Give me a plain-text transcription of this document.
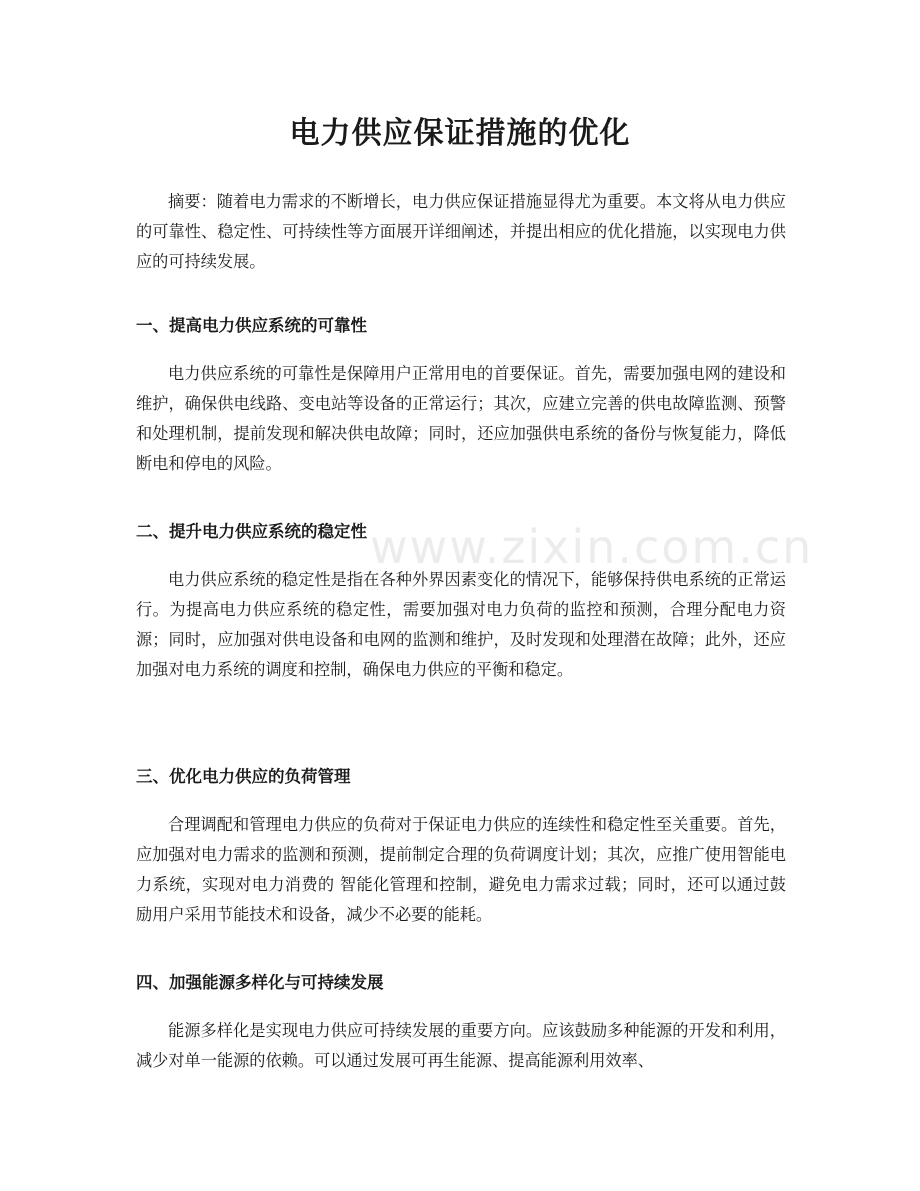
www.zixin.com.cn
电力供应保证措施的优化

摘要：随着电力需求的不断增长，电力供应保证措施显得尤为重要。本文将从电力供应的可靠性、稳定性、可持续性等方面展开详细阐述，并提出相应的优化措施，以实现电力供应的可持续发展。

一、提高电力供应系统的可靠性

电力供应系统的可靠性是保障用户正常用电的首要保证。首先，需要加强电网的建设和维护，确保供电线路、变电站等设备的正常运行；其次，应建立完善的供电故障监测、预警和处理机制，提前发现和解决供电故障；同时，还应加强供电系统的备份与恢复能力，降低断电和停电的风险。

二、提升电力供应系统的稳定性

电力供应系统的稳定性是指在各种外界因素变化的情况下，能够保持供电系统的正常运行。为提高电力供应系统的稳定性，需要加强对电力负荷的监控和预测，合理分配电力资源；同时，应加强对供电设备和电网的监测和维护，及时发现和处理潜在故障；此外，还应加强对电力系统的调度和控制，确保电力供应的平衡和稳定。

三、优化电力供应的负荷管理

合理调配和管理电力供应的负荷对于保证电力供应的连续性和稳定性至关重要。首先，应加强对电力需求的监测和预测，提前制定合理的负荷调度计划；其次，应推广使用智能电力系统，实现对电力消费的 智能化管理和控制，避免电力需求过载；同时，还可以通过鼓励用户采用节能技术和设备，减少不必要的能耗。

四、加强能源多样化与可持续发展

能源多样化是实现电力供应可持续发展的重要方向。应该鼓励多种能源的开发和利用，减少对单一能源的依赖。可以通过发展可再生能源、提高能源利用效率、
